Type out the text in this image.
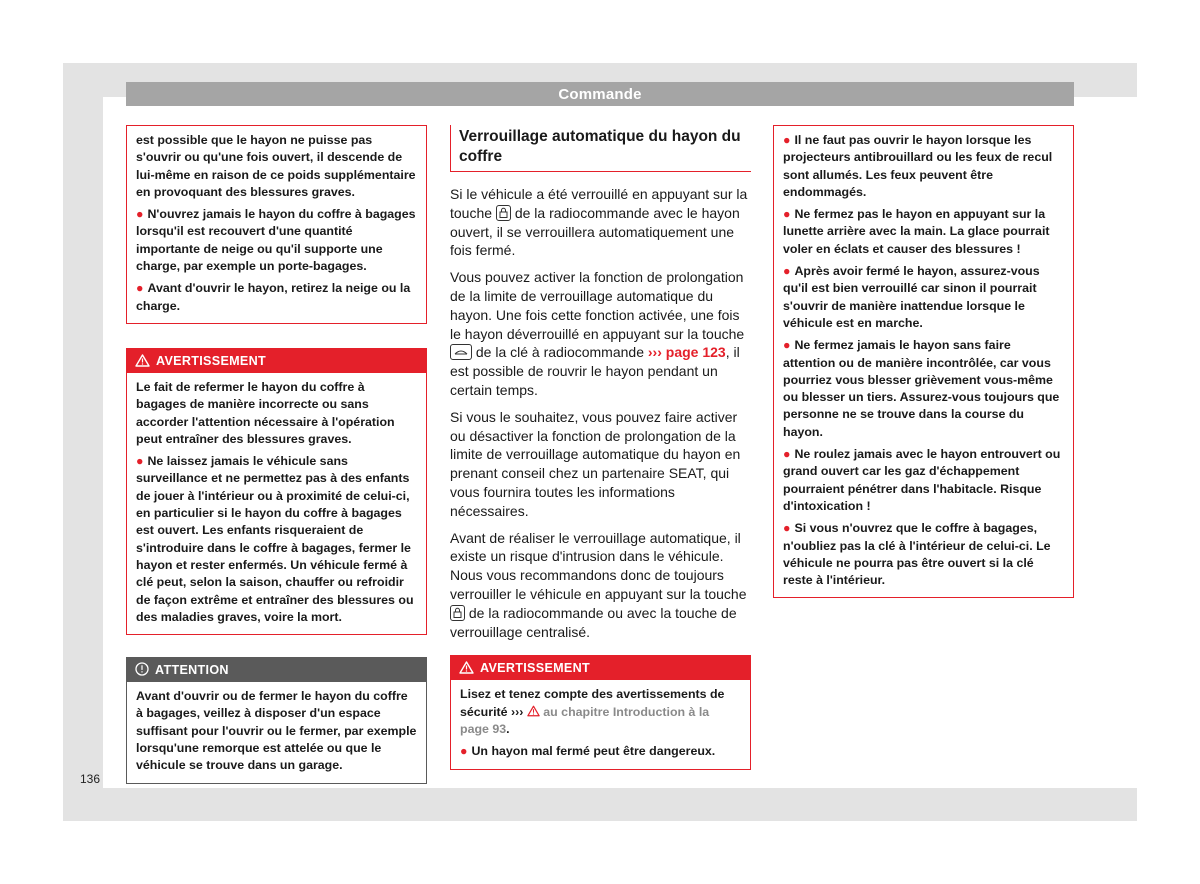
Commande
136

est possible que le hayon ne puisse pas s'ouvrir ou qu'une fois ouvert, il descende de lui-même en raison de ce poids supplémentaire en provoquant des blessures graves.

● N'ouvrez jamais le hayon du coffre à bagages lorsqu'il est recouvert d'une quantité importante de neige ou qu'il supporte une charge, par exemple un porte-bagages.

● Avant d'ouvrir le hayon, retirez la neige ou la charge.

AVERTISSEMENT

Le fait de refermer le hayon du coffre à bagages de manière incorrecte ou sans accorder l'attention nécessaire à l'opération peut entraîner des blessures graves.

● Ne laissez jamais le véhicule sans surveillance et ne permettez pas à des enfants de jouer à l'intérieur ou à proximité de celui-ci, en particulier si le hayon du coffre à bagages est ouvert. Les enfants risqueraient de s'introduire dans le coffre à bagages, fermer le hayon et rester enfermés. Un véhicule fermé à clé peut, selon la saison, chauffer ou refroidir de façon extrême et entraîner des blessures ou des maladies graves, voire la mort.

ATTENTION

Avant d'ouvrir ou de fermer le hayon du coffre à bagages, veillez à disposer d'un espace suffisant pour l'ouvrir ou le fermer, par exemple lorsqu'une remorque est attelée ou que le véhicule se trouve dans un garage.

Verrouillage automatique du hayon du coffre

Si le véhicule a été verrouillé en appuyant sur la touche de la radiocommande avec le hayon ouvert, il se verrouillera automatiquement une fois fermé.

Vous pouvez activer la fonction de prolongation de la limite de verrouillage automatique du hayon. Une fois cette fonction activée, une fois le hayon déverrouillé en appuyant sur la touche
de la clé à radiocommande ››› page 123, il est possible de rouvrir le hayon pendant un certain temps.

Si vous le souhaitez, vous pouvez faire activer ou désactiver la fonction de prolongation de la limite de verrouillage automatique du hayon en prenant conseil chez un partenaire SEAT, qui vous fournira toutes les informations nécessaires.

Avant de réaliser le verrouillage automatique, il existe un risque d'intrusion dans le véhicule. Nous vous recommandons donc de toujours verrouiller le véhicule en appuyant sur la touche
de la radiocommande ou avec la touche de verrouillage centralisé.

AVERTISSEMENT

Lisez et tenez compte des avertissements de sécurité ››› au chapitre Introduction à la page 93.

● Un hayon mal fermé peut être dangereux.

● Il ne faut pas ouvrir le hayon lorsque les projecteurs antibrouillard ou les feux de recul sont allumés. Les feux peuvent être endommagés.

● Ne fermez pas le hayon en appuyant sur la lunette arrière avec la main. La glace pourrait voler en éclats et causer des blessures !

● Après avoir fermé le hayon, assurez-vous qu'il est bien verrouillé car sinon il pourrait s'ouvrir de manière inattendue lorsque le véhicule est en marche.

● Ne fermez jamais le hayon sans faire attention ou de manière incontrôlée, car vous pourriez vous blesser grièvement vous-même ou blesser un tiers. Assurez-vous toujours que personne ne se trouve dans la course du hayon.

● Ne roulez jamais avec le hayon entrouvert ou grand ouvert car les gaz d'échappement pourraient pénétrer dans l'habitacle. Risque d'intoxication !

● Si vous n'ouvrez que le coffre à bagages, n'oubliez pas la clé à l'intérieur de celui-ci. Le véhicule ne pourra pas être ouvert si la clé reste à l'intérieur.
